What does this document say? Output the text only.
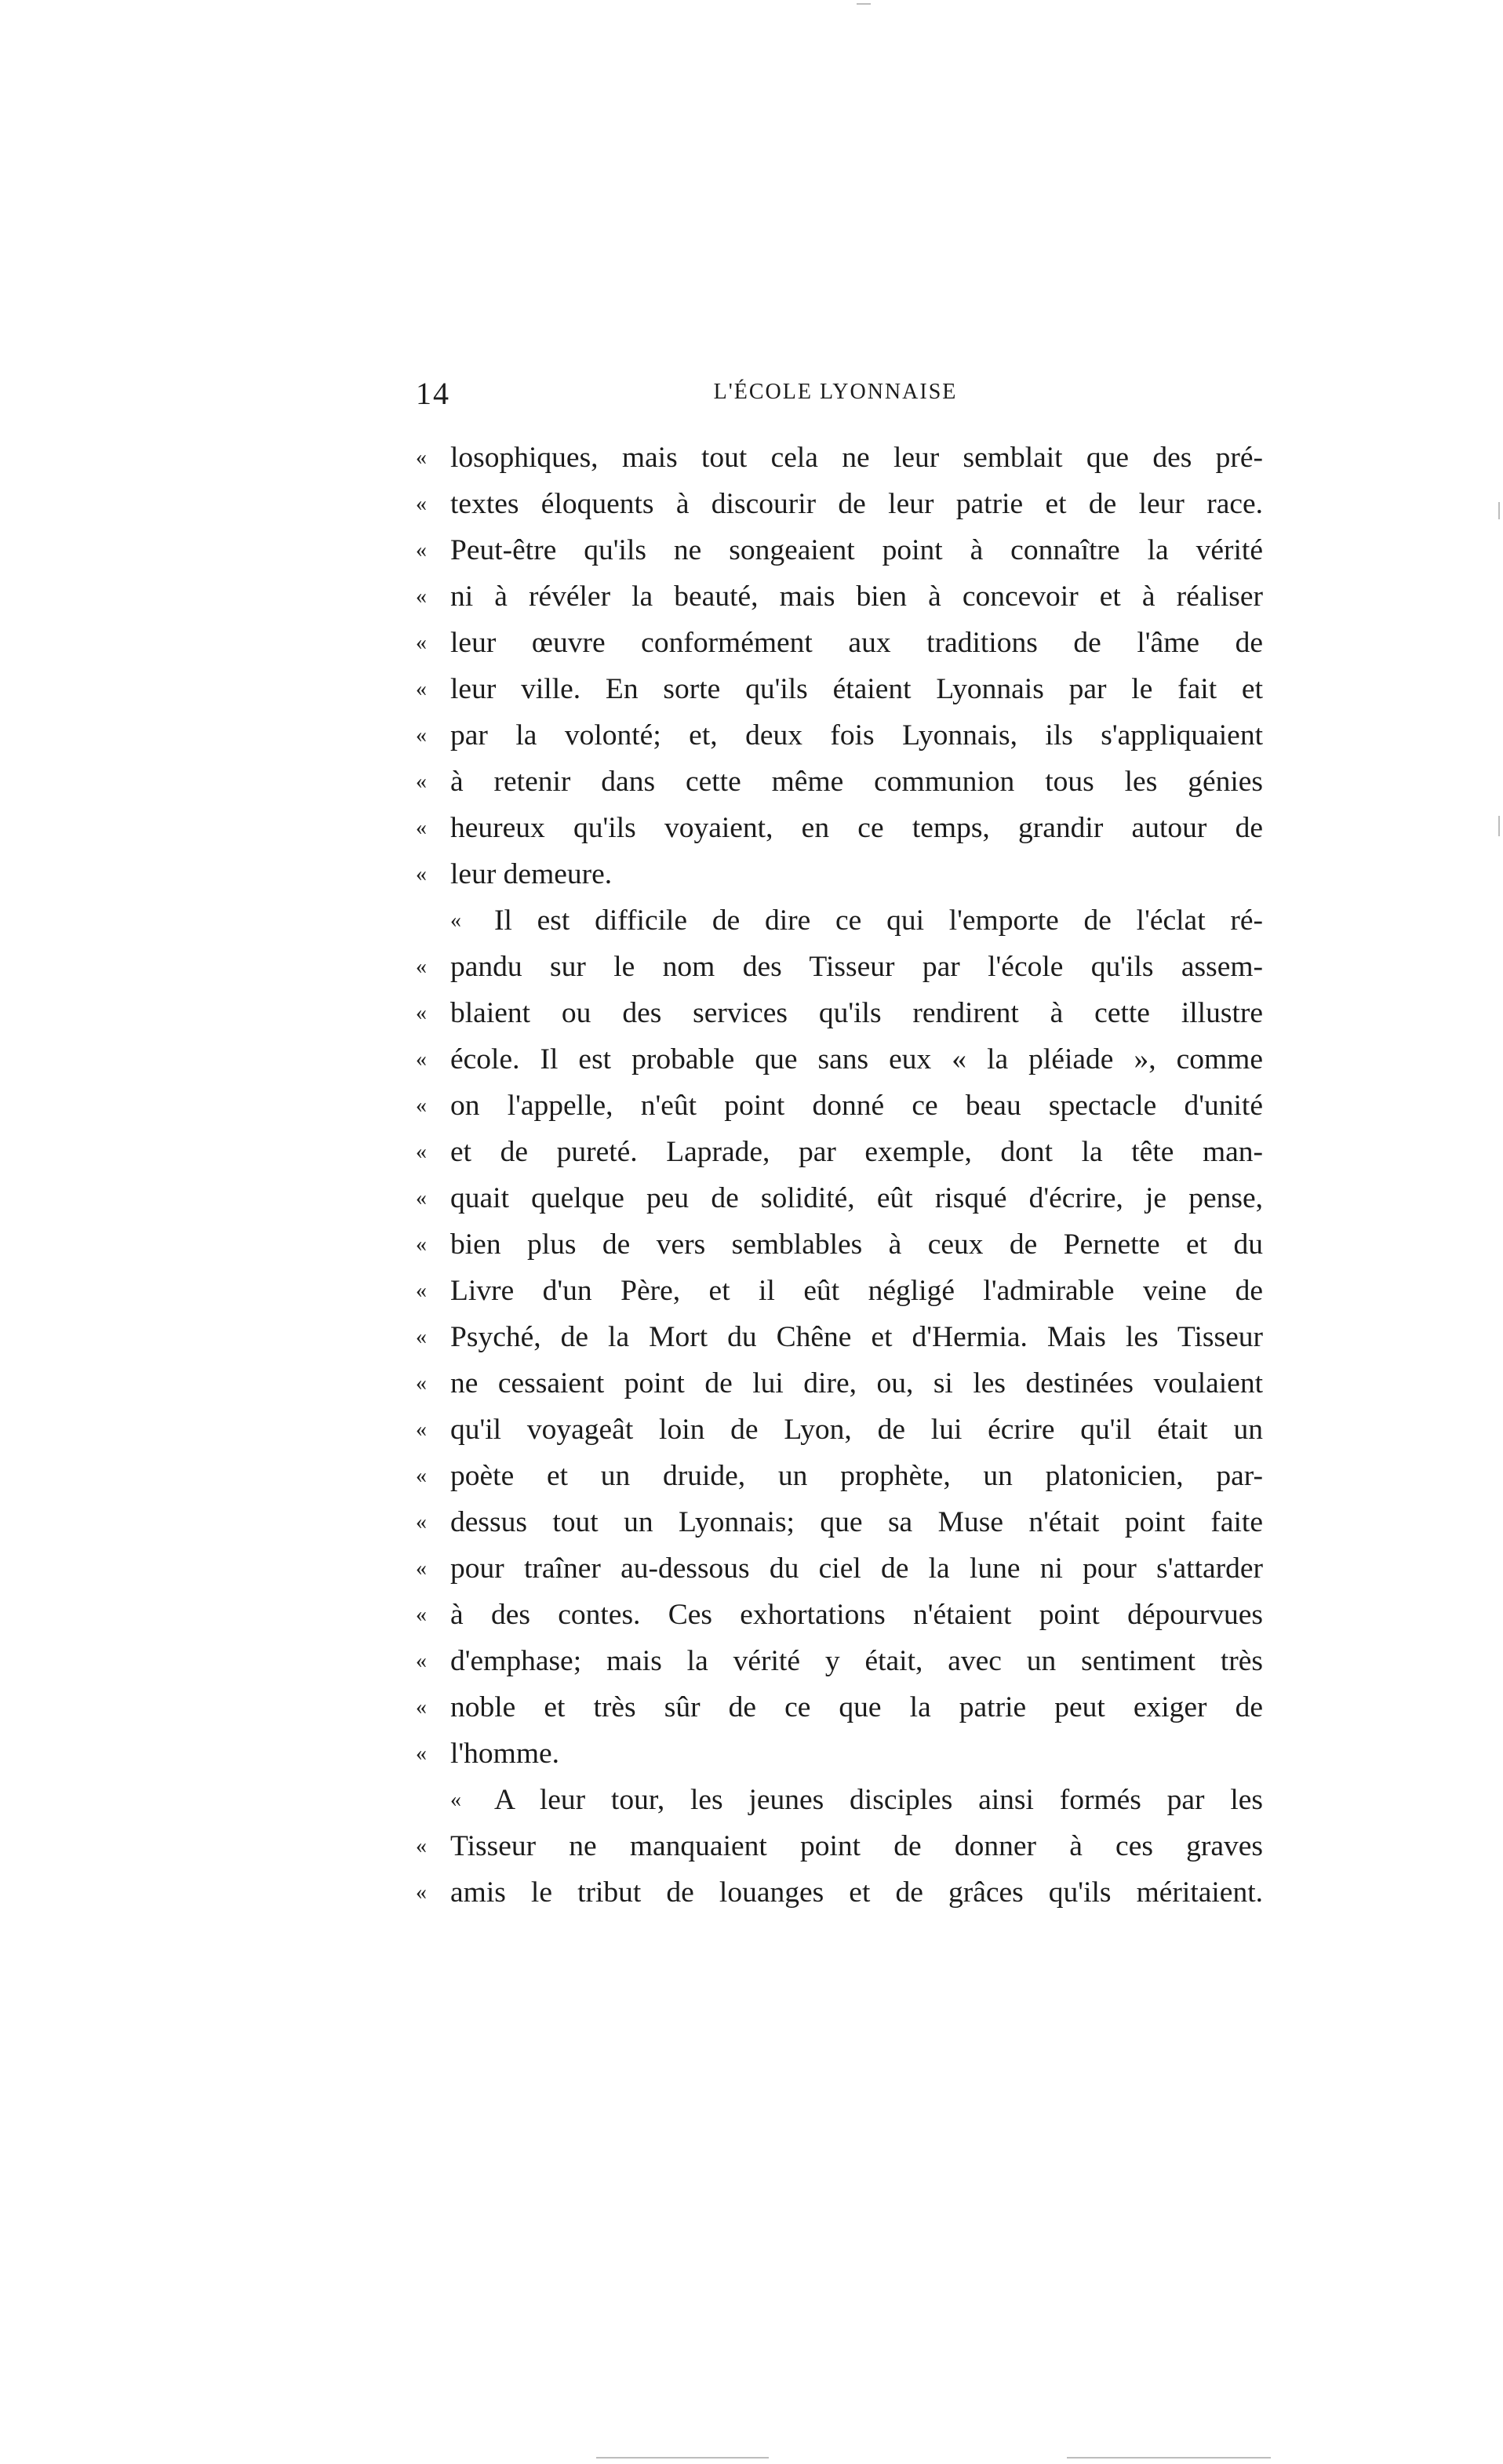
14	L'ÉCOLE LYONNAISE
« losophiques, mais tout cela ne leur semblait que des pré-
« textes éloquents à discourir de leur patrie et de leur race.
« Peut-être qu'ils ne songeaient point à connaître la vérité
« ni à révéler la beauté, mais bien à concevoir et à réaliser
« leur œuvre conformément aux traditions de l'âme de
« leur ville. En sorte qu'ils étaient Lyonnais par le fait et
« par la volonté; et, deux fois Lyonnais, ils s'appliquaient
« à retenir dans cette même communion tous les génies
« heureux qu'ils voyaient, en ce temps, grandir autour de
« leur demeure.
« Il est difficile de dire ce qui l'emporte de l'éclat ré-
« pandu sur le nom des Tisseur par l'école qu'ils assem-
« blaient ou des services qu'ils rendirent à cette illustre
« école. Il est probable que sans eux « la pléiade », comme
« on l'appelle, n'eût point donné ce beau spectacle d'unité
« et de pureté. Laprade, par exemple, dont la tête man-
« quait quelque peu de solidité, eût risqué d'écrire, je pense,
« bien plus de vers semblables à ceux de Pernette et du
« Livre d'un Père, et il eût négligé l'admirable veine de
« Psyché, de la Mort du Chêne et d'Hermia. Mais les Tisseur
« ne cessaient point de lui dire, ou, si les destinées voulaient
« qu'il voyageât loin de Lyon, de lui écrire qu'il était un
« poète et un druide, un prophète, un platonicien, par-
« dessus tout un Lyonnais; que sa Muse n'était point faite
« pour traîner au-dessous du ciel de la lune ni pour s'attarder
« à des contes. Ces exhortations n'étaient point dépourvues
« d'emphase; mais la vérité y était, avec un sentiment très
« noble et très sûr de ce que la patrie peut exiger de
« l'homme.
« A leur tour, les jeunes disciples ainsi formés par les
« Tisseur ne manquaient point de donner à ces graves
« amis le tribut de louanges et de grâces qu'ils méritaient.
